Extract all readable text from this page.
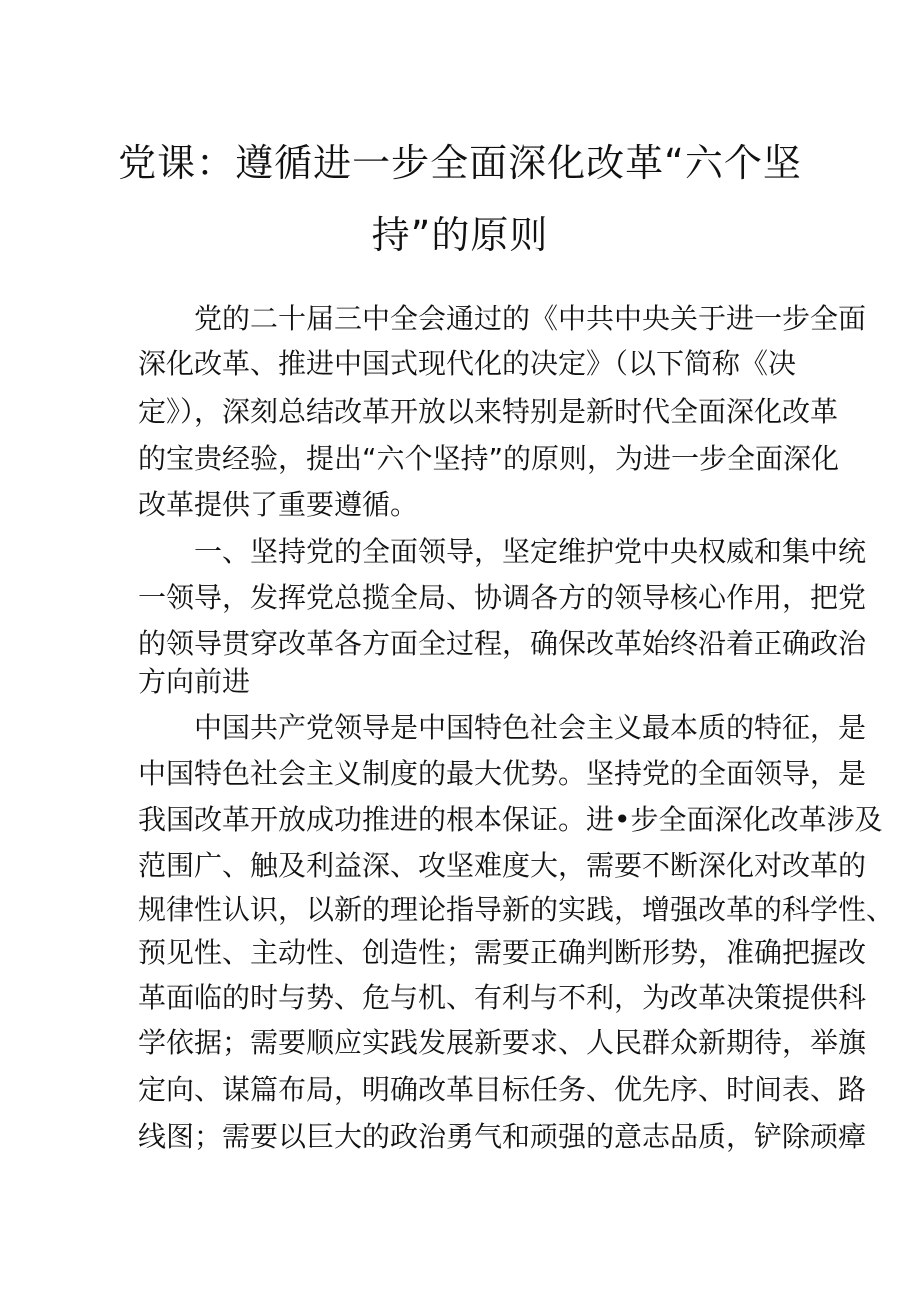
党课：遵循进一步全面深化改革“六个坚
持”的原则
　　党的二十届三中全会通过的《中共中央关于进一步全面
深化改革、推进中国式现代化的决定》（以下简称《决
定》），深刻总结改革开放以来特别是新时代全面深化改革
的宝贵经验，提出“六个坚持”的原则，为进一步全面深化
改革提供了重要遵循。
　　一、坚持党的全面领导，坚定维护党中央权威和集中统
一领导，发挥党总揽全局、协调各方的领导核心作用，把党
的领导贯穿改革各方面全过程，确保改革始终沿着正确政治
方向前进
　　中国共产党领导是中国特色社会主义最本质的特征，是
中国特色社会主义制度的最大优势。坚持党的全面领导，是
我国改革开放成功推进的根本保证。进•步全面深化改革涉及
范围广、触及利益深、攻坚难度大，需要不断深化对改革的
规律性认识，以新的理论指导新的实践，增强改革的科学性、
预见性、主动性、创造性；需要正确判断形势，准确把握改
革面临的时与势、危与机、有利与不利，为改革决策提供科
学依据；需要顺应实践发展新要求、人民群众新期待，举旗
定向、谋篇布局，明确改革目标任务、优先序、时间表、路
线图；需要以巨大的政治勇气和顽强的意志品质，铲除顽瘴
